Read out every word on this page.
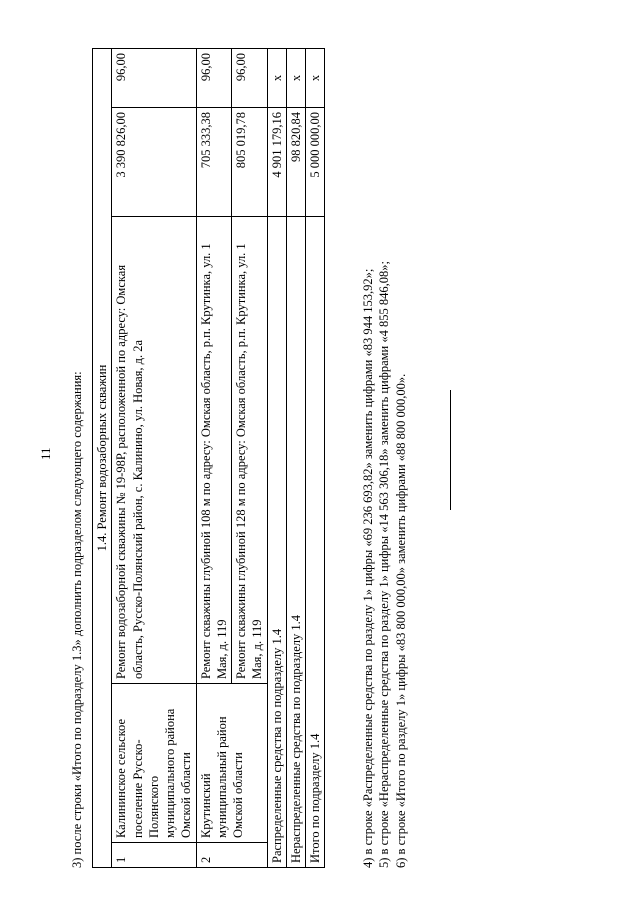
11 3) после строки «Итого по подразделу 1.3» дополнить подразделом следующего содержания: 1.4. Ремонт водозаборных скважин				
1	Калининское сельское поселение Русско-Полянского муниципального района Омской области	Ремонт водозаборной скважины № 19-98Р, расположенной по адресу: Омская область, Русско-Полянский район, с. Калинино, ул. Новая, д. 2а	3 390 826,00	96,00
2	Крутинский муниципальный район Омской области	Ремонт скважины глубиной 108 м по адресу: Омская область, р.п. Крутинка, ул. 1 Мая, д. 119	705 333,38	96,00
		Ремонт скважины глубиной 128 м по адресу: Омская область, р.п. Крутинка, ул. 1 Мая, д. 119	805 019,78	96,00
Распределенные средства по подразделу 1.4			4 901 179,16	х
Нераспределенные средства по подразделу 1.4			98 820,84	х
Итого по подразделу 1.4			5 000 000,00	х

4) в строке «Распределенные средства по разделу 1» цифры «69 236 693,82» заменить цифрами «83 944 153,92»; 5) в строке «Нераспределенные средства по разделу 1» цифры «14 563 306,18» заменить цифрами «4 855 846,08»; 6) в строке «Итого по разделу 1» цифры «83 800 000,00» заменить цифрами «88 800 000,00».
